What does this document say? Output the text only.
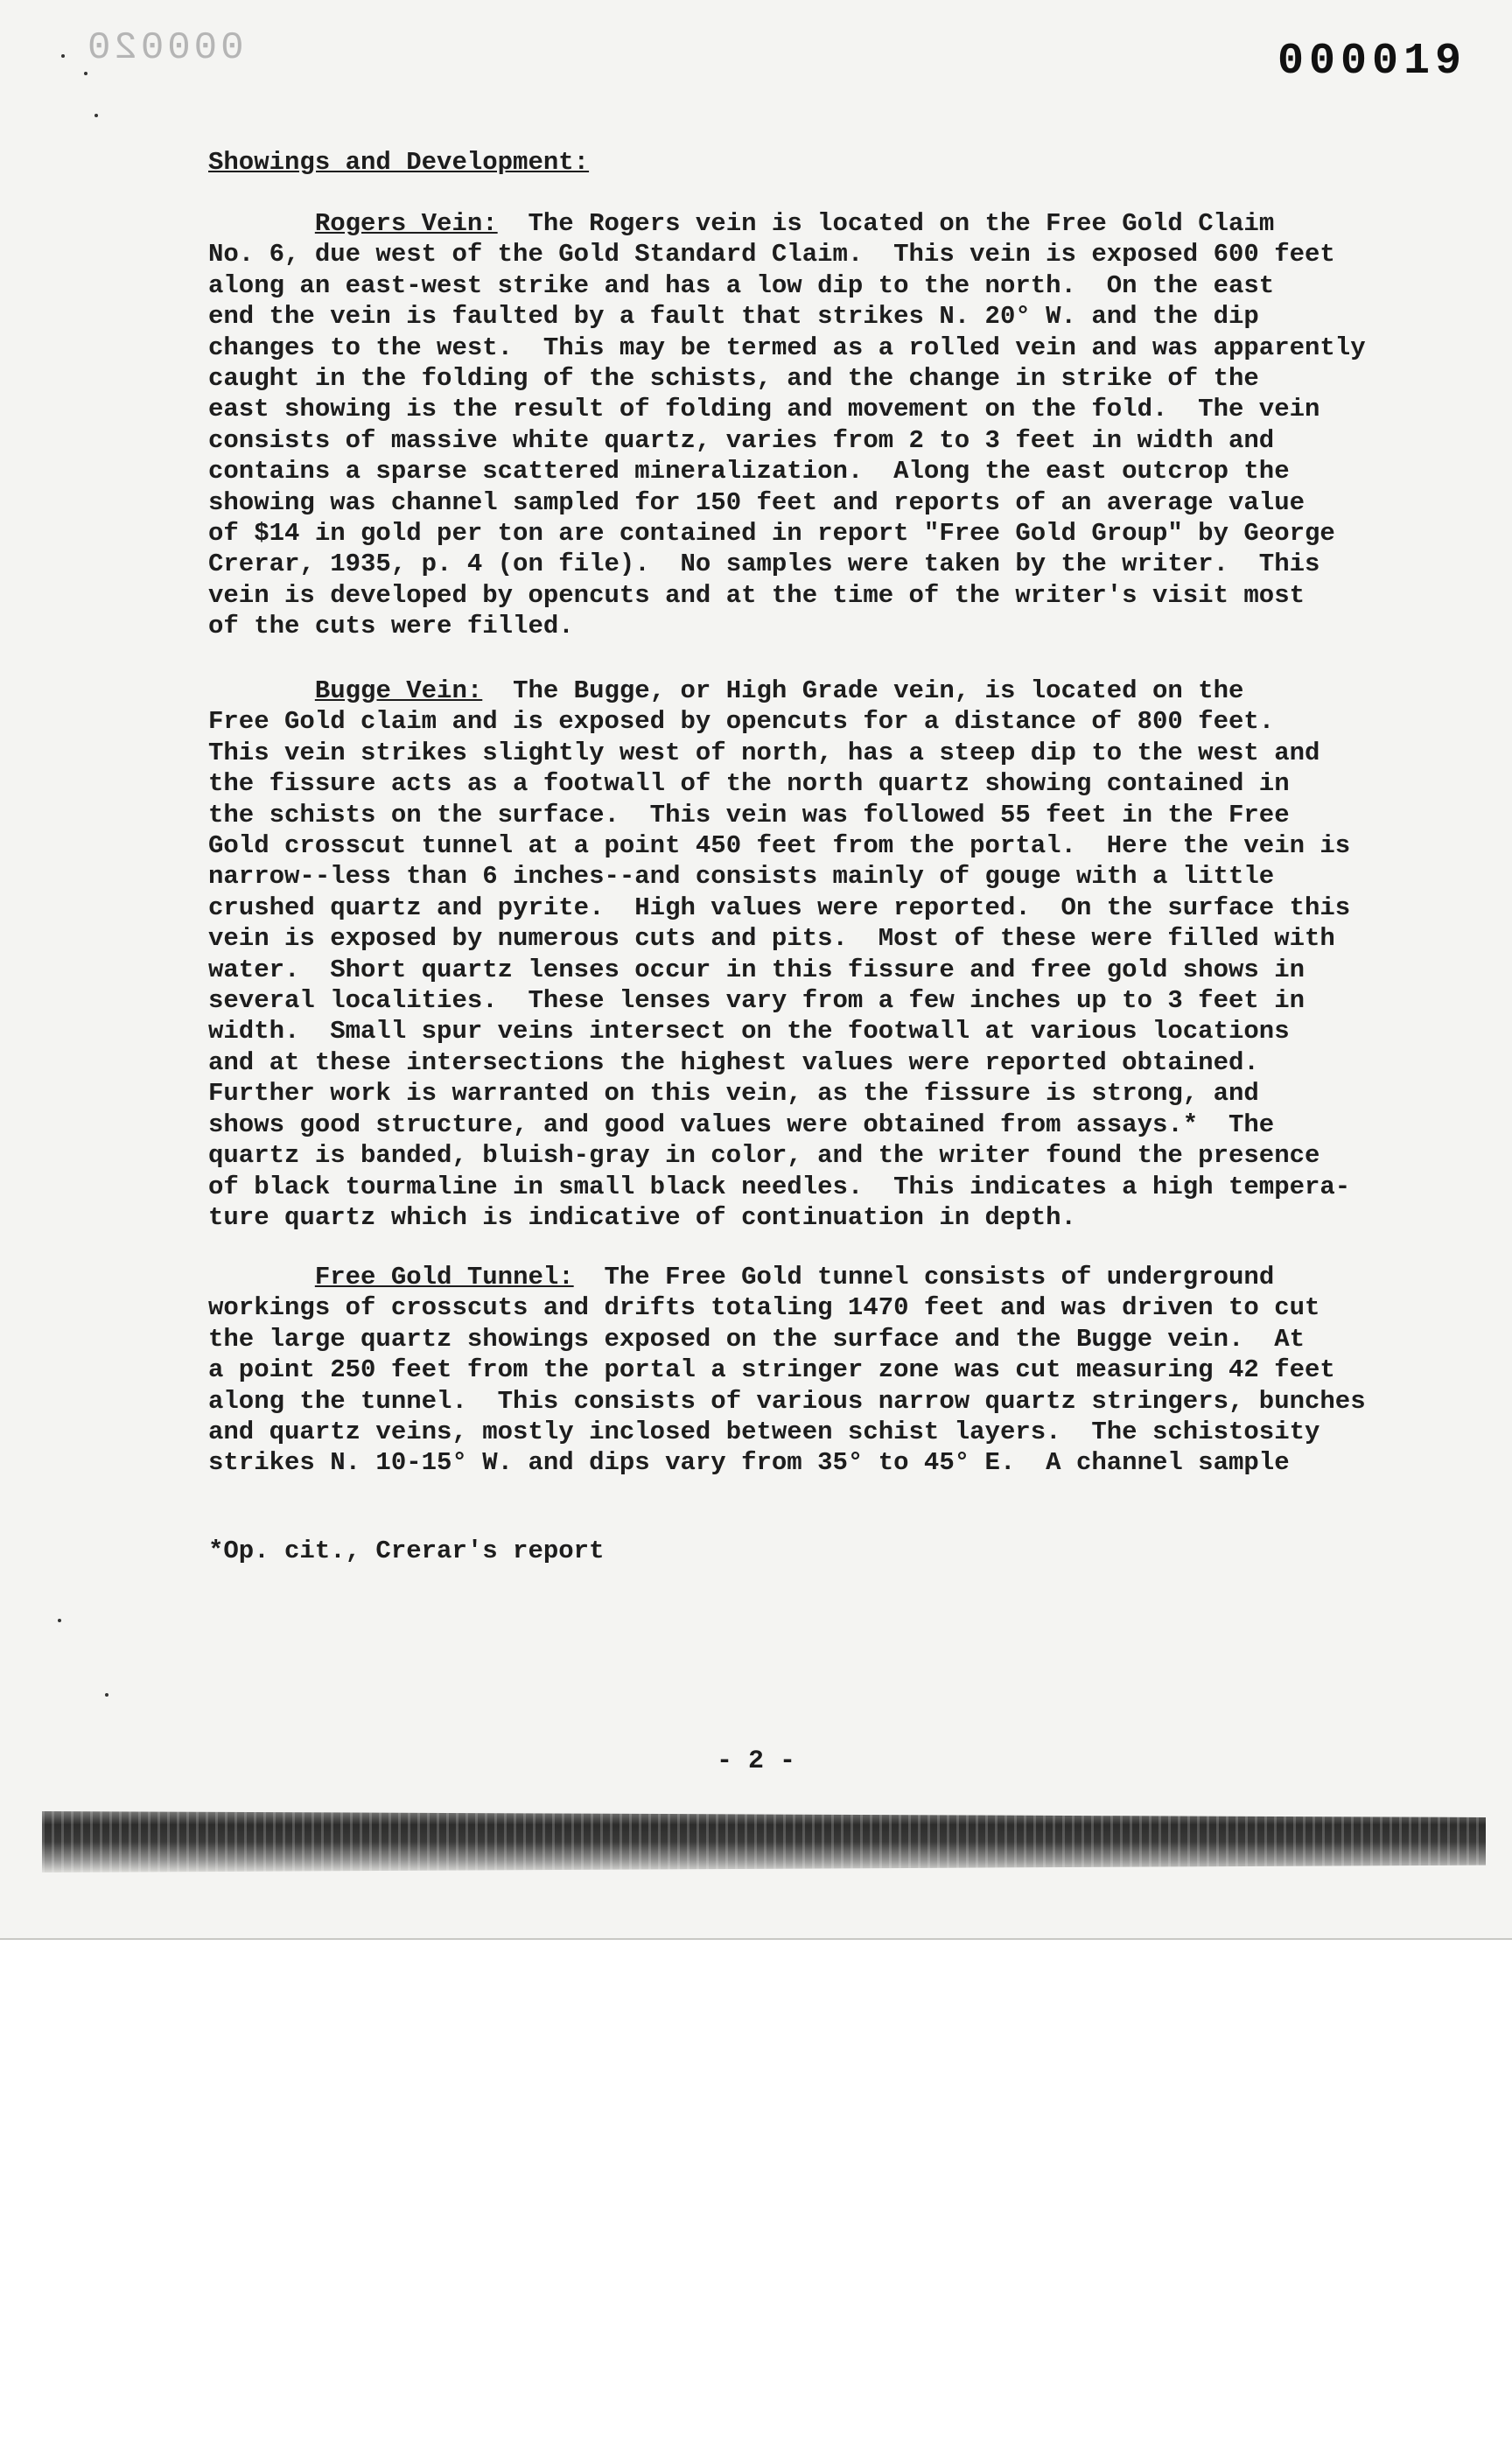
000020	000019
Showings and Development:
Rogers Vein:  The Rogers vein is located on the Free Gold Claim
No. 6, due west of the Gold Standard Claim.  This vein is exposed 600 feet
along an east-west strike and has a low dip to the north.  On the east
end the vein is faulted by a fault that strikes N. 20° W. and the dip
changes to the west.  This may be termed as a rolled vein and was apparently
caught in the folding of the schists, and the change in strike of the
east showing is the result of folding and movement on the fold.  The vein
consists of massive white quartz, varies from 2 to 3 feet in width and
contains a sparse scattered mineralization.  Along the east outcrop the
showing was channel sampled for 150 feet and reports of an average value
of $14 in gold per ton are contained in report "Free Gold Group" by George
Crerar, 1935, p. 4 (on file).  No samples were taken by the writer.  This
vein is developed by opencuts and at the time of the writer's visit most
of the cuts were filled.
Bugge Vein:  The Bugge, or High Grade vein, is located on the
Free Gold claim and is exposed by opencuts for a distance of 800 feet.
This vein strikes slightly west of north, has a steep dip to the west and
the fissure acts as a footwall of the north quartz showing contained in
the schists on the surface.  This vein was followed 55 feet in the Free
Gold crosscut tunnel at a point 450 feet from the portal.  Here the vein is
narrow--less than 6 inches--and consists mainly of gouge with a little
crushed quartz and pyrite.  High values were reported.  On the surface this
vein is exposed by numerous cuts and pits.  Most of these were filled with
water.  Short quartz lenses occur in this fissure and free gold shows in
several localities.  These lenses vary from a few inches up to 3 feet in
width.  Small spur veins intersect on the footwall at various locations
and at these intersections the highest values were reported obtained.
Further work is warranted on this vein, as the fissure is strong, and
shows good structure, and good values were obtained from assays.*  The
quartz is banded, bluish-gray in color, and the writer found the presence
of black tourmaline in small black needles.  This indicates a high tempera-
ture quartz which is indicative of continuation in depth.
Free Gold Tunnel:  The Free Gold tunnel consists of underground
workings of crosscuts and drifts totaling 1470 feet and was driven to cut
the large quartz showings exposed on the surface and the Bugge vein.  At
a point 250 feet from the portal a stringer zone was cut measuring 42 feet
along the tunnel.  This consists of various narrow quartz stringers, bunches
and quartz veins, mostly inclosed between schist layers.  The schistosity
strikes N. 10-15° W. and dips vary from 35° to 45° E.  A channel sample
*Op. cit., Crerar's report
- 2 -
